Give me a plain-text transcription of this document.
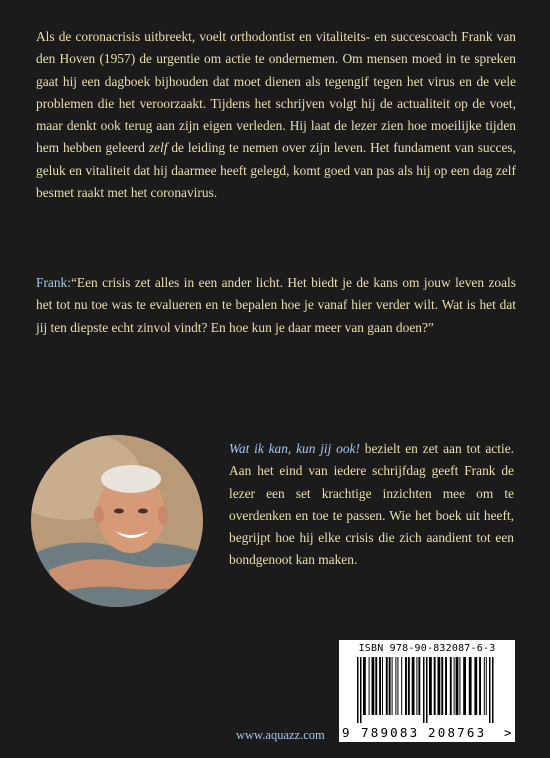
Als de coronacrisis uitbreekt, voelt orthodontist en vitaliteits- en succescoach Frank van den Hoven (1957) de urgentie om actie te ondernemen. Om mensen moed in te spreken gaat hij een dagboek bijhouden dat moet dienen als tegengif tegen het virus en de vele problemen die het veroorzaakt. Tijdens het schrijven volgt hij de actualiteit op de voet, maar denkt ook terug aan zijn eigen verleden. Hij laat de lezer zien hoe moeilijke tijden hem hebben geleerd zelf de leiding te nemen over zijn leven. Het fundament van succes, geluk en vitaliteit dat hij daarmee heeft gelegd, komt goed van pas als hij op een dag zelf besmet raakt met het coronavirus.

Frank:“Een crisis zet alles in een ander licht. Het biedt je de kans om jouw leven zoals het tot nu toe was te evalueren en te bepalen hoe je vanaf hier verder wilt. Wat is het dat jij ten diepste echt zinvol vindt? En hoe kun je daar meer van gaan doen?”

Wat ik kan, kun jij ook! bezielt en zet aan tot actie. Aan het eind van iedere schrijfdag geeft Frank de lezer een set krachtige inzichten mee om te overdenken en toe te passen. Wie het boek uit heeft, begrijpt hoe hij elke crisis die zich aandient tot een bondgenoot kan maken.

ISBN 978-90-832087-6-3
9 789083 208763 >

www.aquazz.com
